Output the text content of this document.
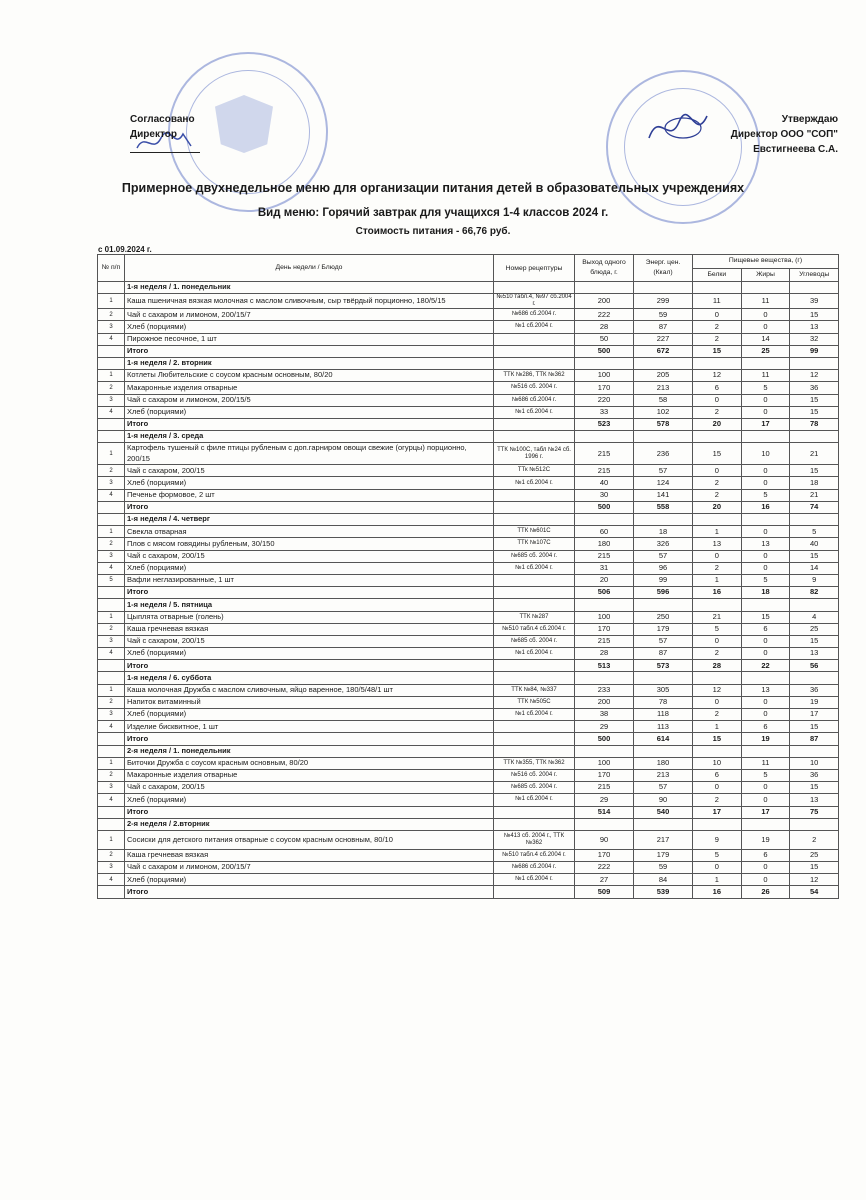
Согласовано
Директор
Утверждаю
Директор ООО "СОП"
Евстигнеева С.А.
Примерное двухнедельное меню для организации питания детей в образовательных учреждениях
Вид меню: Горячий завтрак для учащихся 1-4 классов 2024 г.
Стоимость питания - 66,76 руб.
с 01.09.2024 г.
№ п/п	День недели / Блюдо	Номер рецептуры	Выход одного блюда, г.	Энерг. цен. (Ккал)	Пищевые вещества, (г)		
					Белки	Жиры	Углеводы
	1-я неделя / 1. понедельник						
1	Каша пшеничная вязкая молочная с маслом сливочным, сыр твёрдый порционно, 180/5/15	№510 табл.4, №97 сб.2004 г.	200	299	11	11	39
2	Чай с сахаром и лимоном, 200/15/7	№686 сб.2004 г.	222	59	0	0	15
3	Хлеб (порциями)	№1 сб.2004 г.	28	87	2	0	13
4	Пирожное песочное, 1 шт		50	227	2	14	32
	Итого		500	672	15	25	99
	1-я неделя / 2. вторник						
1	Котлеты Любительские с соусом красным основным, 80/20	ТТК №286, ТТК №362	100	205	12	11	12
2	Макаронные изделия отварные	№516 сб. 2004 г.	170	213	6	5	36
3	Чай с сахаром и лимоном, 200/15/5	№686 сб.2004 г.	220	58	0	0	15
4	Хлеб (порциями)	№1 сб.2004 г.	33	102	2	0	15
	Итого		523	578	20	17	78
	1-я неделя / 3. среда						
1	Картофель тушеный с филе птицы рубленым с доп.гарниром овощи свежие (огурцы) порционно, 200/15	ТТК №100С, табл №24 сб. 1996 г.	215	236	15	10	21
2	Чай с сахаром, 200/15	ТТк №512С	215	57	0	0	15
3	Хлеб (порциями)	№1 сб.2004 г.	40	124	2	0	18
4	Печенье формовое, 2 шт		30	141	2	5	21
	Итого		500	558	20	16	74
	1-я неделя / 4. четверг						
1	Свекла отварная	ТТК №601С	60	18	1	0	5
2	Плов с мясом говядины рубленым, 30/150	ТТК №107С	180	326	13	13	40
3	Чай с сахаром, 200/15	№685 сб. 2004 г.	215	57	0	0	15
4	Хлеб (порциями)	№1 сб.2004 г.	31	96	2	0	14
5	Вафли неглазированные, 1 шт		20	99	1	5	9
	Итого		506	596	16	18	82
	1-я неделя / 5. пятница						
1	Цыплята отварные (голень)	ТТК №287	100	250	21	15	4
2	Каша гречневая вязкая	№510 табл.4 сб.2004 г.	170	179	5	6	25
3	Чай с сахаром, 200/15	№685 сб. 2004 г.	215	57	0	0	15
4	Хлеб (порциями)	№1 сб.2004 г.	28	87	2	0	13
	Итого		513	573	28	22	56
	1-я неделя / 6. суббота						
1	Каша молочная Дружба с маслом сливочным, яйцо варенное, 180/5/48/1 шт	ТТК №84, №337	233	305	12	13	36
2	Напиток витаминный	ТТК №505С	200	78	0	0	19
3	Хлеб (порциями)	№1 сб.2004 г.	38	118	2	0	17
4	Изделие бисквитное, 1 шт		29	113	1	6	15
	Итого		500	614	15	19	87
	2-я неделя / 1. понедельник						
1	Биточки Дружба с соусом красным основным, 80/20	ТТК №355, ТТК №362	100	180	10	11	10
2	Макаронные изделия отварные	№516 сб. 2004 г.	170	213	6	5	36
3	Чай с сахаром, 200/15	№685 сб. 2004 г.	215	57	0	0	15
4	Хлеб (порциями)	№1 сб.2004 г.	29	90	2	0	13
	Итого		514	540	17	17	75
	2-я неделя / 2.вторник						
1	Сосиски для детского питания отварные с соусом красным основным, 80/10	№413 сб. 2004 г., ТТК №362	90	217	9	19	2
2	Каша гречневая вязкая	№510 табл.4 сб.2004 г.	170	179	5	6	25
3	Чай с сахаром и лимоном, 200/15/7	№686 сб.2004 г.	222	59	0	0	15
4	Хлеб (порциями)	№1 сб.2004 г.	27	84	1	0	12
	Итого		509	539	16	26	54
